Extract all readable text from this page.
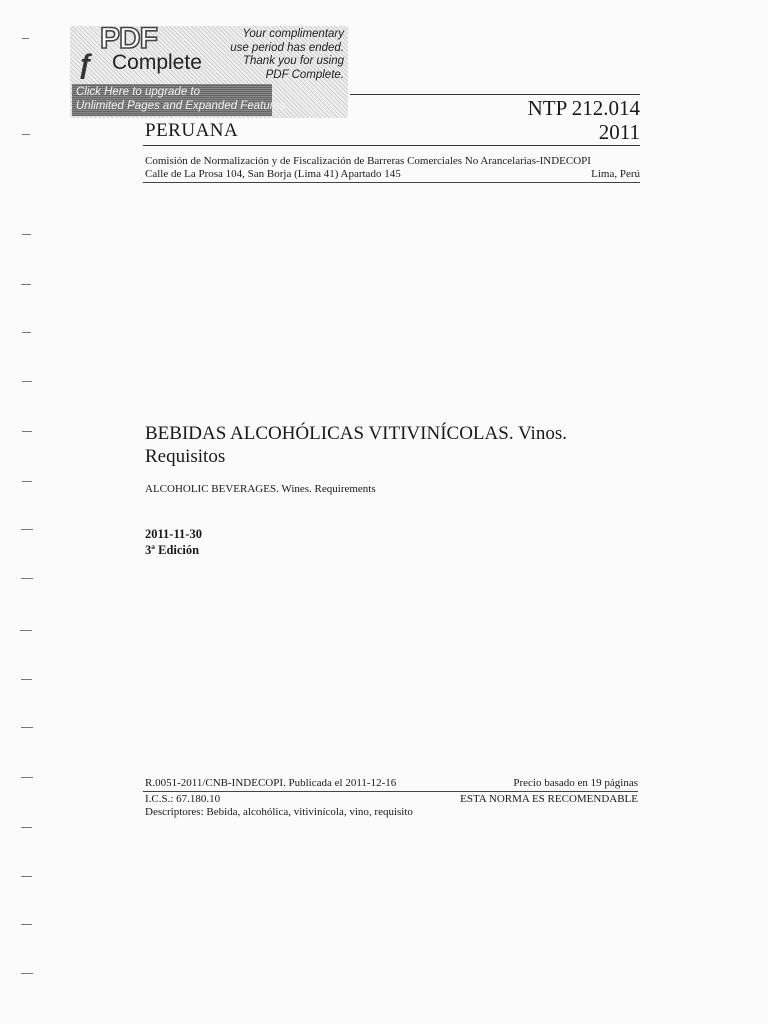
PDF
ƒ Complete
Your complimentary
use period has ended.
Thank you for using
PDF Complete.
Click Here to upgrade to
Unlimited Pages and Expanded Features	NTP 212.014
PERUANA	2011
Comisión de Normalización y de Fiscalización de Barreras Comerciales No Arancelarias-INDECOPI
Calle de La Prosa 104, San Borja (Lima 41) Apartado 145	Lima, Perú
BEBIDAS ALCOHÓLICAS VITIVINÍCOLAS. Vinos.
Requisitos
ALCOHOLIC BEVERAGES. Wines. Requirements
2011-11-30
3ª Edición
R.0051-2011/CNB-INDECOPI. Publicada el 2011-12-16	Precio basado en 19 páginas
I.C.S.: 67.180.10	ESTA NORMA ES RECOMENDABLE
Descriptores: Bebida, alcohólica, vitivinícola, vino, requisito
